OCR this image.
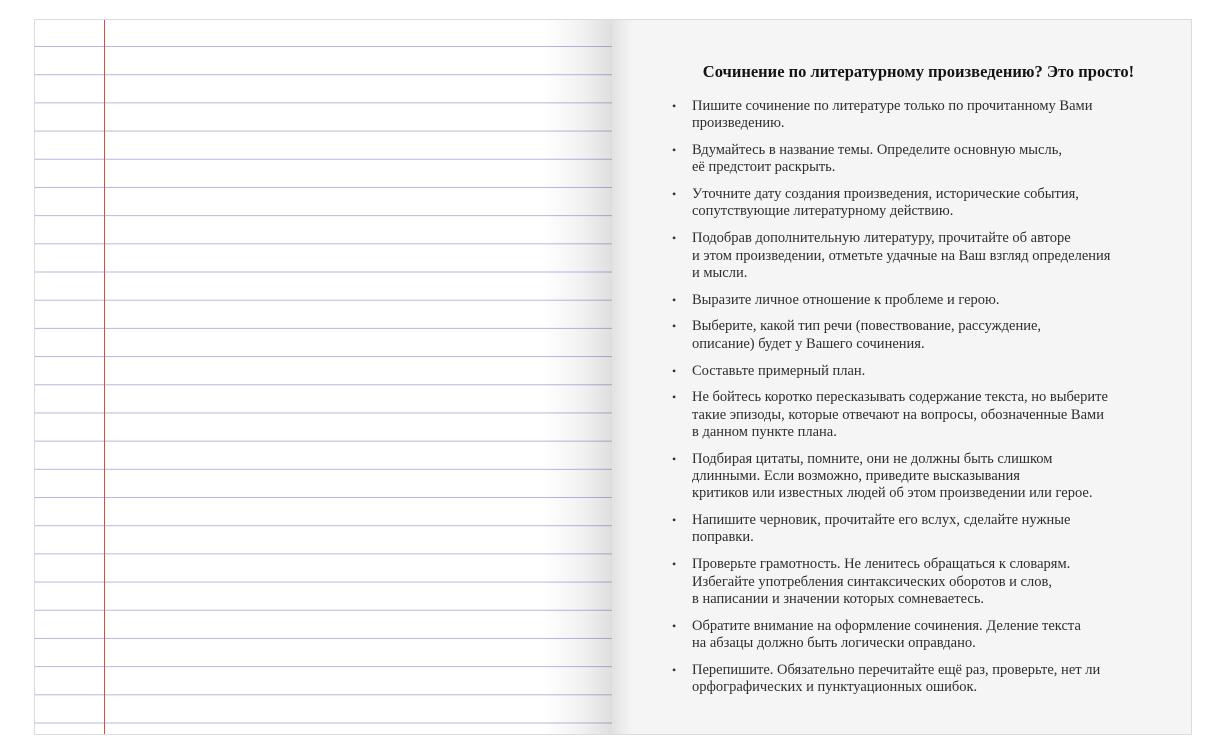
Сочинение по литературному произведению? Это просто!
• Пишите сочинение по литературе только по прочитанному Вами
произведению.
• Вдумайтесь в название темы. Определите основную мысль,
её предстоит раскрыть.
• Уточните дату создания произведения, исторические события,
сопутствующие литературному действию.
• Подобрав дополнительную литературу, прочитайте об авторе
и этом произведении, отметьте удачные на Ваш взгляд определения
и мысли.
• Выразите личное отношение к проблеме и герою.
• Выберите, какой тип речи (повествование, рассуждение,
описание) будет у Вашего сочинения.
• Составьте примерный план.
• Не бойтесь коротко пересказывать содержание текста, но выберите
такие эпизоды, которые отвечают на вопросы, обозначенные Вами
в данном пункте плана.
• Подбирая цитаты, помните, они не должны быть слишком
длинными. Если возможно, приведите высказывания
критиков или известных людей об этом произведении или герое.
• Напишите черновик, прочитайте его вслух, сделайте нужные
поправки.
• Проверьте грамотность. Не ленитесь обращаться к словарям.
Избегайте употребления синтаксических оборотов и слов,
в написании и значении которых сомневаетесь.
• Обратите внимание на оформление сочинения. Деление текста
на абзацы должно быть логически оправдано.
• Перепишите. Обязательно перечитайте ещё раз, проверьте, нет ли
орфографических и пунктуационных ошибок.
